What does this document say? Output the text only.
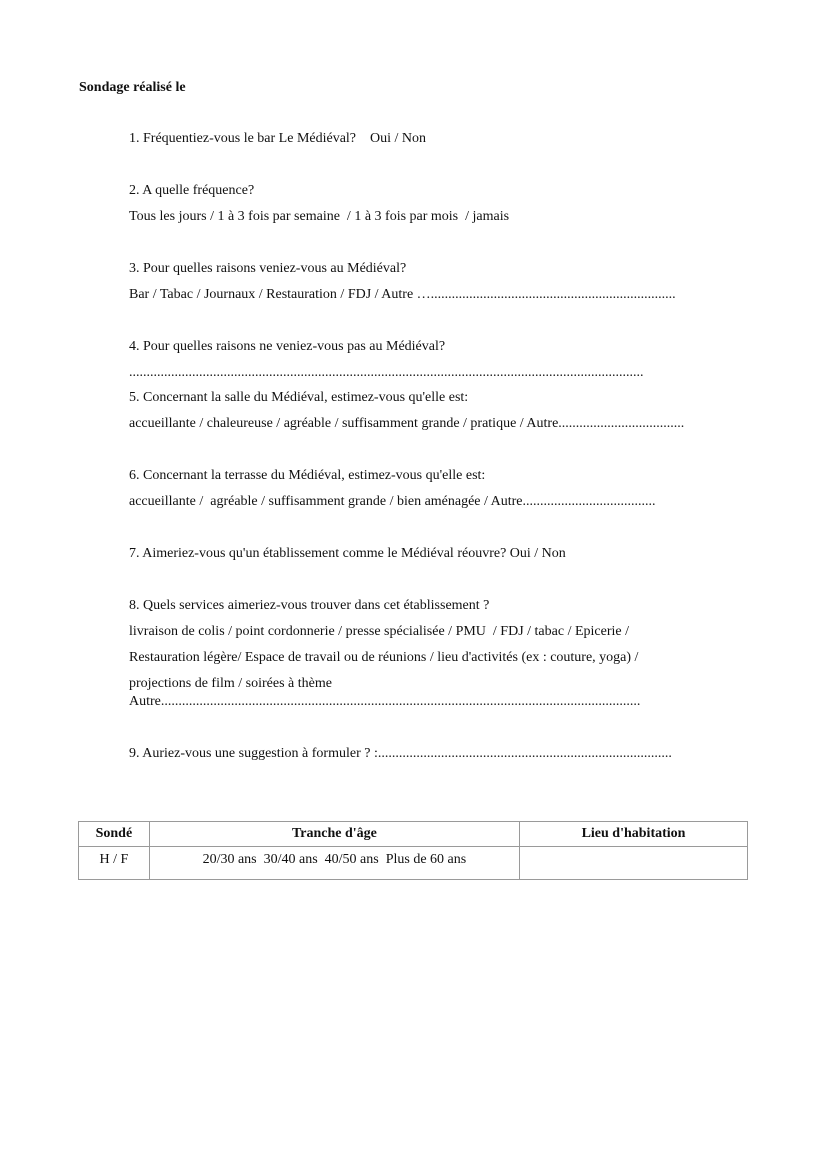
Sondage réalisé le
1. Fréquentiez-vous le bar Le Médiéval?    Oui / Non
2. A quelle fréquence?
Tous les jours / 1 à 3 fois par semaine  / 1 à 3 fois par mois  / jamais
3. Pour quelles raisons veniez-vous au Médiéval?
Bar / Tabac / Journaux / Restauration / FDJ / Autre …......................................................................
4. Pour quelles raisons ne veniez-vous pas au Médiéval?
...................................................................................................................................................
5. Concernant la salle du Médiéval, estimez-vous qu'elle est:
accueillante / chaleureuse / agréable / suffisamment grande / pratique / Autre....................................
6. Concernant la terrasse du Médiéval, estimez-vous qu'elle est:
accueillante /  agréable / suffisamment grande / bien aménagée / Autre......................................
7. Aimeriez-vous qu'un établissement comme le Médiéval réouvre? Oui / Non
8. Quels services aimeriez-vous trouver dans cet établissement ?
livraison de colis / point cordonnerie / presse spécialisée / PMU  / FDJ / tabac / Epicerie /
Restauration légère/ Espace de travail ou de réunions / lieu d'activités (ex : couture, yoga) /
projections de film / soirées à thème
Autre.........................................................................................................................................
9. Auriez-vous une suggestion à formuler ? :....................................................................................
Sondé	Tranche d'âge	Lieu d'habitation
H / F	20/30 ans  30/40 ans  40/50 ans  Plus de 60 ans	
